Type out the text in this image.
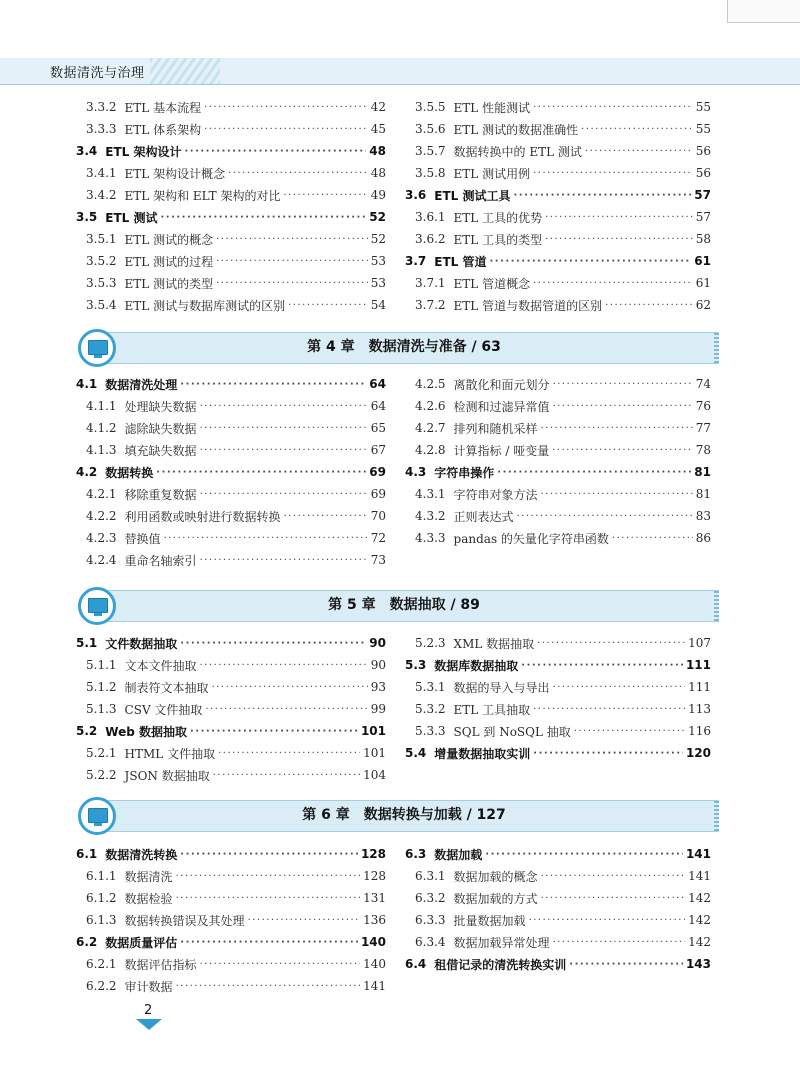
数据清洗与治理
3.3.2 ETL 基本流程 ·····	42
3.3.3 ETL 体系架构 ·····	45
3.4 ETL 架构设计 ·····	48
3.4.1 ETL 架构设计概念 ·····	48
3.4.2 ETL 架构和 ELT 架构的对比 ·····	49
3.5 ETL 测试 ·····	52
3.5.1 ETL 测试的概念 ·····	52
3.5.2 ETL 测试的过程 ·····	53
3.5.3 ETL 测试的类型 ·····	53
3.5.4 ETL 测试与数据库测试的区别 ·····	54
3.5.5 ETL 性能测试 ·····	55
3.5.6 ETL 测试的数据准确性 ·····	55
3.5.7 数据转换中的 ETL 测试 ·····	56
3.5.8 ETL 测试用例 ·····	56
3.6 ETL 测试工具 ·····	57
3.6.1 ETL 工具的优势 ·····	57
3.6.2 ETL 工具的类型 ·····	58
3.7 ETL 管道 ·····	61
3.7.1 ETL 管道概念 ·····	61
3.7.2 ETL 管道与数据管道的区别 ·····	62
第 4 章　数据清洗与准备 / 63
4.1 数据清洗处理 ·····	64
4.1.1 处理缺失数据 ·····	64
4.1.2 滤除缺失数据 ·····	65
4.1.3 填充缺失数据 ·····	67
4.2 数据转换 ·····	69
4.2.1 移除重复数据 ·····	69
4.2.2 利用函数或映射进行数据转换 ·····	70
4.2.3 替换值 ·····	72
4.2.4 重命名轴索引 ·····	73
4.2.5 离散化和面元划分 ·····	74
4.2.6 检测和过滤异常值 ·····	76
4.2.7 排列和随机采样 ·····	77
4.2.8 计算指标 / 哑变量 ·····	78
4.3 字符串操作 ·····	81
4.3.1 字符串对象方法 ·····	81
4.3.2 正则表达式 ·····	83
4.3.3 pandas 的矢量化字符串函数 ·····	86
第 5 章　数据抽取 / 89
5.1 文件数据抽取 ·····	90
5.1.1 文本文件抽取 ·····	90
5.1.2 制表符文本抽取 ·····	93
5.1.3 CSV 文件抽取 ·····	99
5.2 Web 数据抽取 ·····	101
5.2.1 HTML 文件抽取 ·····	101
5.2.2 JSON 数据抽取 ·····	104
5.2.3 XML 数据抽取 ·····	107
5.3 数据库数据抽取 ·····	111
5.3.1 数据的导入与导出 ·····	111
5.3.2 ETL 工具抽取 ·····	113
5.3.3 SQL 到 NoSQL 抽取 ·····	116
5.4 增量数据抽取实训 ·····	120
第 6 章　数据转换与加载 / 127
6.1 数据清洗转换 ·····	128
6.1.1 数据清洗 ·····	128
6.1.2 数据检验 ·····	131
6.1.3 数据转换错误及其处理 ·····	136
6.2 数据质量评估 ·····	140
6.2.1 数据评估指标 ·····	140
6.2.2 审计数据 ·····	141
6.3 数据加载 ·····	141
6.3.1 数据加载的概念 ·····	141
6.3.2 数据加载的方式 ·····	142
6.3.3 批量数据加载 ·····	142
6.3.4 数据加载异常处理 ·····	142
6.4 租借记录的清洗转换实训 ·····	143
2
